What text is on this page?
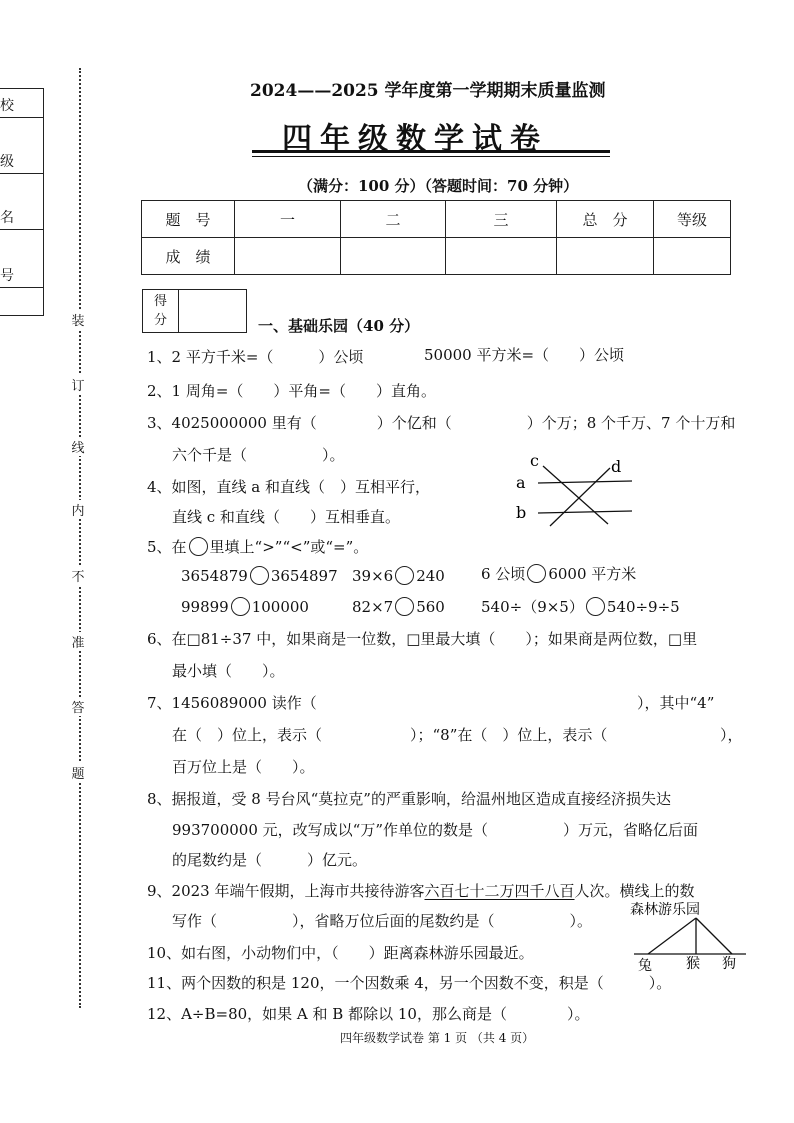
校
级
名
号
装
订
线
内
不
准
答
题
2024——2025 学年度第一学期期末质量监测
四年级数学试卷
（满分：100 分）（答题时间：70 分钟）
题　号	一	二	三	总　分	等级
成　绩					
得
分	一、基础乐园（40 分）
1、2 平方千米=（　　　）公顷	50000 平方米=（　　）公顷
2、1 周角=（　　）平角=（　　）直角。
3、4025000000 里有（　　　　）个亿和（　　　　　）个万；8 个千万、7 个十万和
六个千是（　　　　　）。
4、如图，直线 a 和直线（　）互相平行，
直线 c 和直线（　　）互相垂直。
a
b
c	d
5、在 里填上“>”“<”或“=”。
3654879 3654897 39×6 240 6 公顷 6000 平方米
99899 100000	82×7 560 540÷（9×5） 540÷9÷5
6、在□81÷37 中，如果商是一位数，□里最大填（　　）；如果商是两位数，□里
最小填（　　）。
7、1456089000 读作（	），其中“4”
在（　）位上，表示（	）；“8”在（　）位上，表示（	），
百万位上是（　　）。
8、据报道，受 8 号台风“莫拉克”的严重影响，给温州地区造成直接经济损失达
993700000 元，改写成以“万”作单位的数是（　　　　　）万元，省略亿后面
的尾数约是（　　　）亿元。
9、2023 年端午假期，上海市共接待游客六百七十二万四千八百人次。横线上的数
写作（　　　　　），省略万位后面的尾数约是（　　　　　）。
森林游乐园
兔 猴 狗
10、如右图，小动物们中，（　　）距离森林游乐园最近。
11、两个因数的积是 120，一个因数乘 4，另一个因数不变，积是（　　　）。
12、A÷B=80，如果 A 和 B 都除以 10，那么商是（　　　　）。
四年级数学试卷 第 1 页 （共 4 页）
